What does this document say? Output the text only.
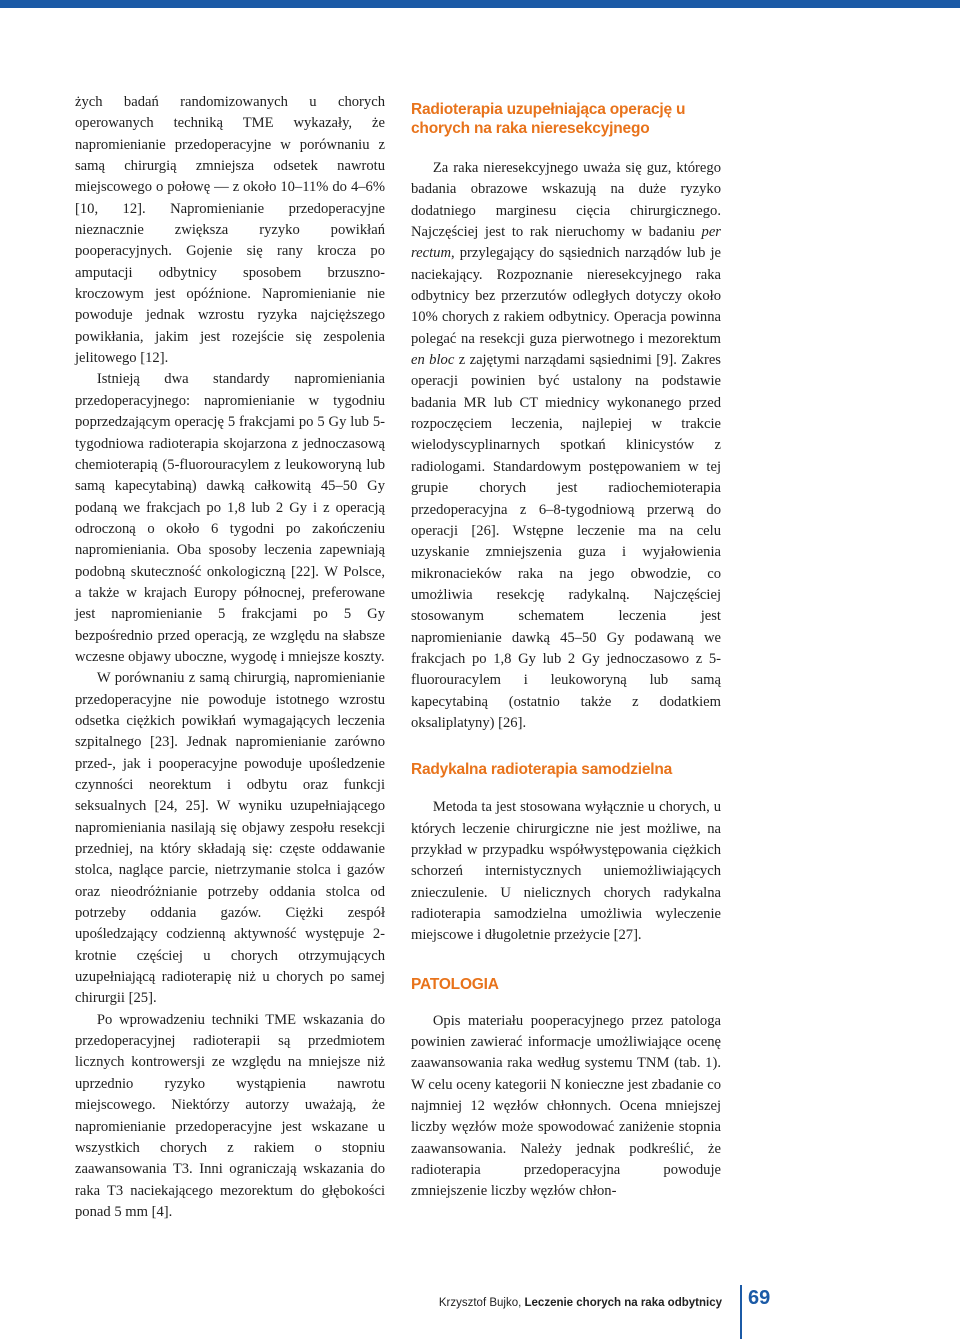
żych badań randomizowanych u chorych operowanych techniką TME wykazały, że napromienianie przedoperacyjne w porównaniu z samą chirurgią zmniejsza odsetek nawrotu miejscowego o połowę — z około 10–11% do 4–6% [10, 12]. Napromienianie przedoperacyjne nieznacznie zwiększa ryzyko powikłań pooperacyjnych. Gojenie się rany krocza po amputacji odbytnicy sposobem brzuszno-kroczowym jest opóźnione. Napromienianie nie powoduje jednak wzrostu ryzyka najcięższego powikłania, jakim jest rozejście się zespolenia jelitowego [12].

Istnieją dwa standardy napromieniania przedoperacyjnego: napromienianie w tygodniu poprzedzającym operację 5 frakcjami po 5 Gy lub 5-tygodniowa radioterapia skojarzona z jednoczasową chemioterapią (5-fluorouracylem z leukoworyną lub samą kapecytabiną) dawką całkowitą 45–50 Gy podaną we frakcjach po 1,8 lub 2 Gy i z operacją odroczoną o około 6 tygodni po zakończeniu napromieniania. Oba sposoby leczenia zapewniają podobną skuteczność onkologiczną [22]. W Polsce, a także w krajach Europy północnej, preferowane jest napromienianie 5 frakcjami po 5 Gy bezpośrednio przed operacją, ze względu na słabsze wczesne objawy uboczne, wygodę i mniejsze koszty.

W porównaniu z samą chirurgią, napromienianie przedoperacyjne nie powoduje istotnego wzrostu odsetka ciężkich powikłań wymagających leczenia szpitalnego [23]. Jednak napromienianie zarówno przed-, jak i pooperacyjne powoduje upośledzenie czynności neorektum i odbytu oraz funkcji seksualnych [24, 25]. W wyniku uzupełniającego napromieniania nasilają się objawy zespołu resekcji przedniej, na który składają się: częste oddawanie stolca, naglące parcie, nietrzymanie stolca i gazów oraz nieodróżnianie potrzeby oddania stolca od potrzeby oddania gazów. Ciężki zespół upośledzający codzienną aktywność występuje 2-krotnie częściej u chorych otrzymujących uzupełniającą radioterapię niż u chorych po samej chirurgii [25].

Po wprowadzeniu techniki TME wskazania do przedoperacyjnej radioterapii są przedmiotem licznych kontrowersji ze względu na mniejsze niż uprzednio ryzyko wystąpienia nawrotu miejscowego. Niektórzy autorzy uważają, że napromienianie przedoperacyjne jest wskazane u wszystkich chorych z rakiem o stopniu zaawansowania T3. Inni ograniczają wskazania do raka T3 naciekającego mezorektum do głębokości ponad 5 mm [4].

Radioterapia uzupełniająca operację u chorych na raka nieresekcyjnego

Za raka nieresekcyjnego uważa się guz, którego badania obrazowe wskazują na duże ryzyko dodatniego marginesu cięcia chirurgicznego. Najczęściej jest to rak nieruchomy w badaniu per rectum, przylegający do sąsiednich narządów lub je naciekający. Rozpoznanie nieresekcyjnego raka odbytnicy bez przerzutów odległych dotyczy około 10% chorych z rakiem odbytnicy. Operacja powinna polegać na resekcji guza pierwotnego i mezorektum en bloc z zajętymi narządami sąsiednimi [9]. Zakres operacji powinien być ustalony na podstawie badania MR lub CT miednicy wykonanego przed rozpoczęciem leczenia, najlepiej w trakcie wielodyscyplinarnych spotkań klinicystów z radiologami. Standardowym postępowaniem w tej grupie chorych jest radiochemioterapia przedoperacyjna z 6–8-tygodniową przerwą do operacji [26]. Wstępne leczenie ma na celu uzyskanie zmniejszenia guza i wyjałowienia mikronacieków raka na jego obwodzie, co umożliwia resekcję radykalną. Najczęściej stosowanym schematem leczenia jest napromienianie dawką 45–50 Gy podawaną we frakcjach po 1,8 Gy lub 2 Gy jednoczasowo z 5-fluorouracylem i leukoworyną lub samą kapecytabiną (ostatnio także z dodatkiem oksaliplatyny) [26].

Radykalna radioterapia samodzielna

Metoda ta jest stosowana wyłącznie u chorych, u których leczenie chirurgiczne nie jest możliwe, na przykład w przypadku współwystępowania ciężkich schorzeń internistycznych uniemożliwiających znieczulenie. U nielicznych chorych radykalna radioterapia samodzielna umożliwia wyleczenie miejscowe i długoletnie przeżycie [27].

PATOLOGIA

Opis materiału pooperacyjnego przez patologa powinien zawierać informacje umożliwiające ocenę zaawansowania raka według systemu TNM (tab. 1). W celu oceny kategorii N konieczne jest zbadanie co najmniej 12 węzłów chłonnych. Ocena mniejszej liczby węzłów może spowodować zaniżenie stopnia zaawansowania. Należy jednak podkreślić, że radioterapia przedoperacyjna powoduje zmniejszenie liczby węzłów chłon-

Krzysztof Bujko, Leczenie chorych na raka odbytnicy 69
